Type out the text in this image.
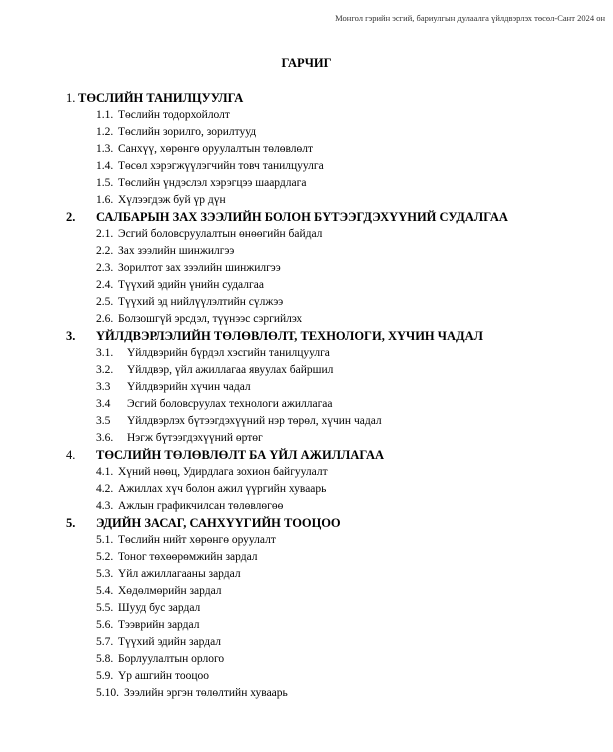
Монгол гэрийн эсгий, бариулгын дулаалга үйлдвэрлэх төсөл-Сант 2024 он
ГАРЧИГ
1. ТӨСЛИЙН ТАНИЛЦУУЛГА
1.1. Төслийн тодорхойлолт
1.2. Төслийн зорилго, зорилтууд
1.3. Санхүү, хөрөнгө оруулалтын төлөвлөлт
1.4. Төсөл хэрэгжүүлэгчийн товч танилцуулга
1.5. Төслийн үндэслэл хэрэгцээ шаардлага
1.6. Хүлээгдэж буй үр дүн
2. САЛБАРЫН ЗАХ ЗЭЭЛИЙН БОЛОН БҮТЭЭГДЭХҮҮНИЙ СУДАЛГАА
2.1. Эсгий боловсруулалтын өнөөгийн байдал
2.2. Зах зээлийн шинжилгээ
2.3. Зорилтот зах зээлийн шинжилгээ
2.4. Түүхий эдийн үнийн судалгаа
2.5. Түүхий эд нийлүүлэлтийн сүлжээ
2.6. Болзошгүй эрсдэл, түүнээс сэргийлэх
3. ҮЙЛДВЭРЛЭЛИЙН ТӨЛӨВЛӨЛТ, ТЕХНОЛОГИ, ХҮЧИН ЧАДАЛ
3.1. Үйлдвэрийн бүрдэл хэсгийн танилцуулга
3.2. Үйлдвэр, үйл ажиллагаа явуулах байршил
3.3 Үйлдвэрийн хүчин чадал
3.4 Эсгий боловсруулах технологи ажиллагаа
3.5 Үйлдвэрлэх бүтээгдэхүүний нэр төрөл, хүчин чадал
3.6. Нэгж бүтээгдэхүүний өртөг
4. ТӨСЛИЙН ТӨЛӨВЛӨЛТ БА ҮЙЛ АЖИЛЛАГАА
4.1. Хүний нөөц, Удирдлага зохион байгуулалт
4.2. Ажиллах хүч болон ажил үүргийн хуваарь
4.3. Ажлын графикчилсан төлөвлөгөө
5. ЭДИЙН ЗАСАГ, САНХҮҮГИЙН ТООЦОО
5.1. Төслийн нийт хөрөнгө оруулалт
5.2. Тоног төхөөрөмжийн зардал
5.3. Үйл ажиллагааны зардал
5.4. Хөдөлмөрийн зардал
5.5. Шууд бус зардал
5.6. Тээврийн зардал
5.7. Түүхий эдийн зардал
5.8. Борлуулалтын орлого
5.9. Үр ашгийн тооцоо
5.10. Зээлийн эргэн төлөлтийн хуваарь
